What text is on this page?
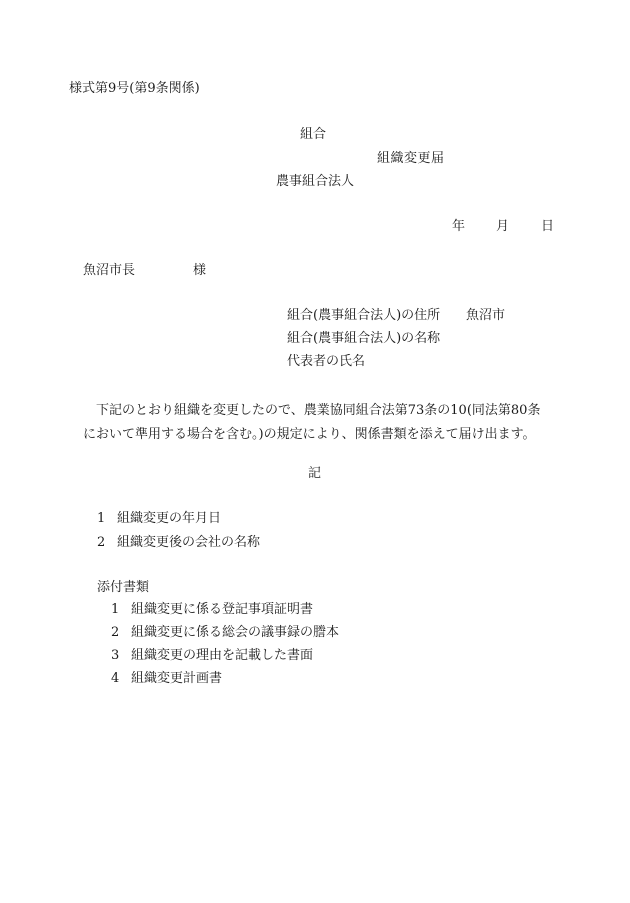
様式第9号(第9条関係)

組合

組織変更届

農事組合法人

年 月 日

魚沼市長	様

組合(農事組合法人)の住所 魚沼市

組合(農事組合法人)の名称

代表者の氏名

下記のとおり組織を変更したので、農業協同組合法第73条の10(同法第80条において準用する場合を含む。)の規定により、関係書類を添えて届け出ます。

記

1 組織変更の年月日

2 組織変更後の会社の名称

添付書類

1 組織変更に係る登記事項証明書

2 組織変更に係る総会の議事録の謄本

3 組織変更の理由を記載した書面

4 組織変更計画書
